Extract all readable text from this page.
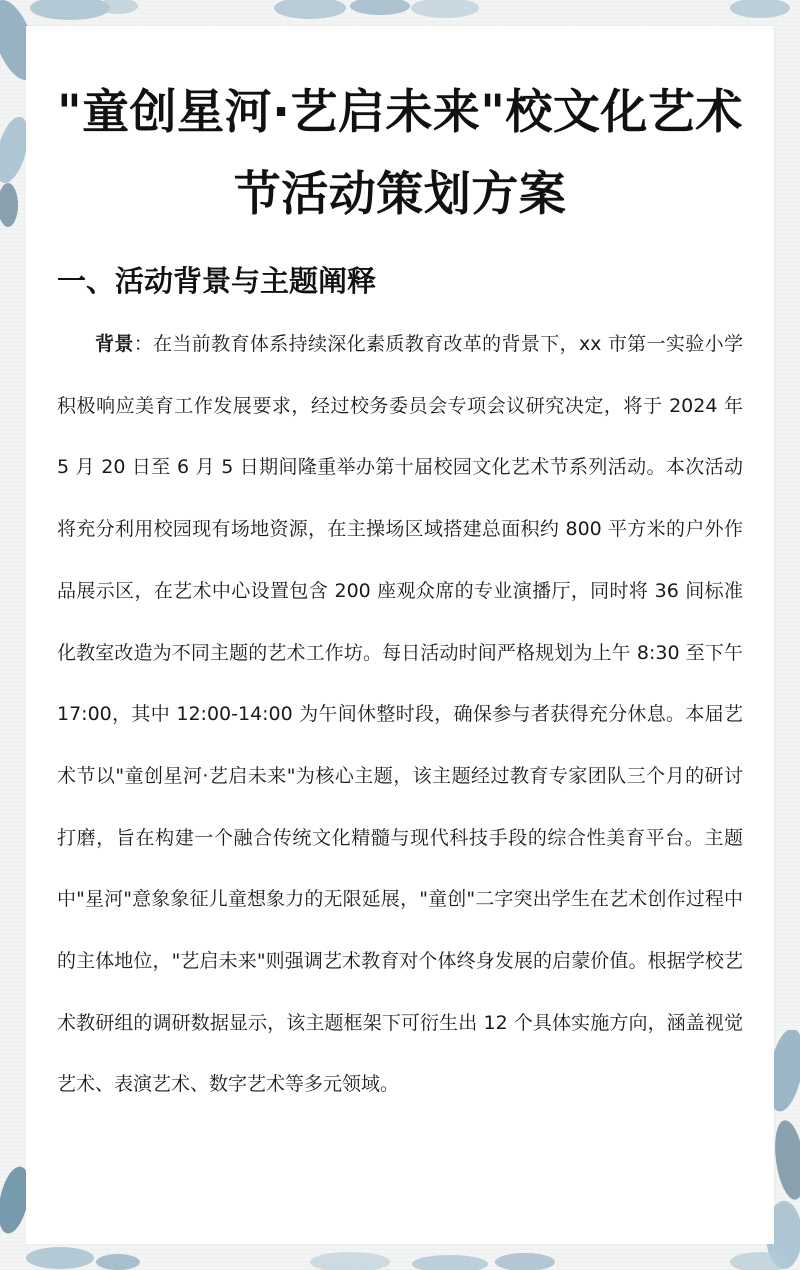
"童创星河·艺启未来"校文化艺术节活动策划方案
一、活动背景与主题阐释

背景：在当前教育体系持续深化素质教育改革的背景下，xx 市第一实验小学积极响应美育工作发展要求，经过校务委员会专项会议研究决定，将于 2024 年 5 月 20 日至 6 月 5 日期间隆重举办第十届校园文化艺术节系列活动。本次活动将充分利用校园现有场地资源，在主操场区域搭建总面积约 800 平方米的户外作品展示区，在艺术中心设置包含 200 座观众席的专业演播厅，同时将 36 间标准化教室改造为不同主题的艺术工作坊。每日活动时间严格规划为上午 8:30 至下午 17:00，其中 12:00-14:00 为午间休整时段，确保参与者获得充分休息。本届艺术节以"童创星河·艺启未来"为核心主题，该主题经过教育专家团队三个月的研讨打磨，旨在构建一个融合传统文化精髓与现代科技手段的综合性美育平台。主题中"星河"意象象征儿童想象力的无限延展，"童创"二字突出学生在艺术创作过程中的主体地位，"艺启未来"则强调艺术教育对个体终身发展的启蒙价值。根据学校艺术教研组的调研数据显示，该主题框架下可衍生出 12 个具体实施方向，涵盖视觉艺术、表演艺术、数字艺术等多元领域。
